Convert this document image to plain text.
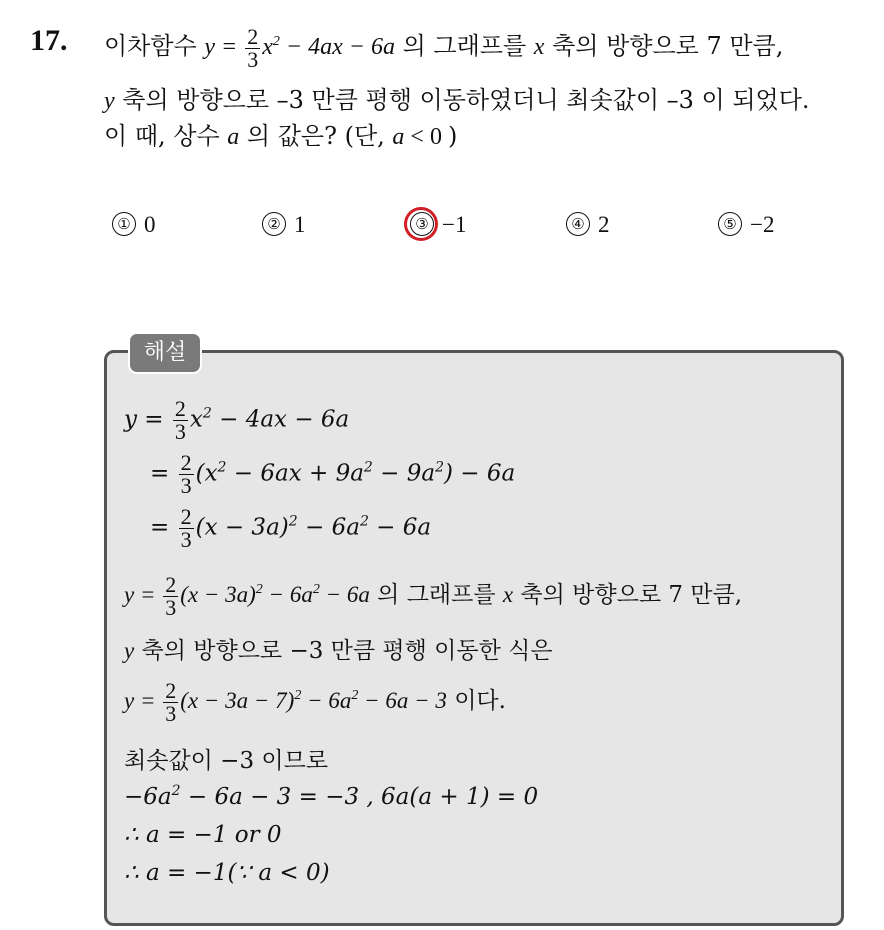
17. 이차함수 $y = \frac{2}{3} x^2 - 4ax - 6a$ 의 그래프를 x 축의 방향으로 7 만큼,
y 축의 방향으로 –3 만큼 평행 이동하였더니 최솟값이 –3 이 되었다.
이 때, 상수 a 의 값은? (단, a < 0 )
① 0	② 1	③ −1	④ 2	⑤ −2
해설
$y = \frac{2}{3} x^2 - 4ax - 6a$
= $\frac{2}{3} (x^2 - 6ax + 9a^2 - 9a^2) - 6a$
= $\frac{2}{3} (x - 3a)^2 - 6a^2 - 6a$
$y = \frac{2}{3} (x - 3a)^2 - 6a^2 - 6a$ 의 그래프를 x 축의 방향으로 7 만큼,
y 축의 방향으로 −3 만큼 평행 이동한 식은
$y = \frac{2}{3} (x - 3a - 7)^2 - 6a^2 - 6a - 3$ 이다.
최솟값이 −3 이므로
$-6a^2 - 6a - 3 = -3$ , 6a(a + 1) = 0
∴ a = −1 or 0
∴ a = −1(∵ a < 0)
